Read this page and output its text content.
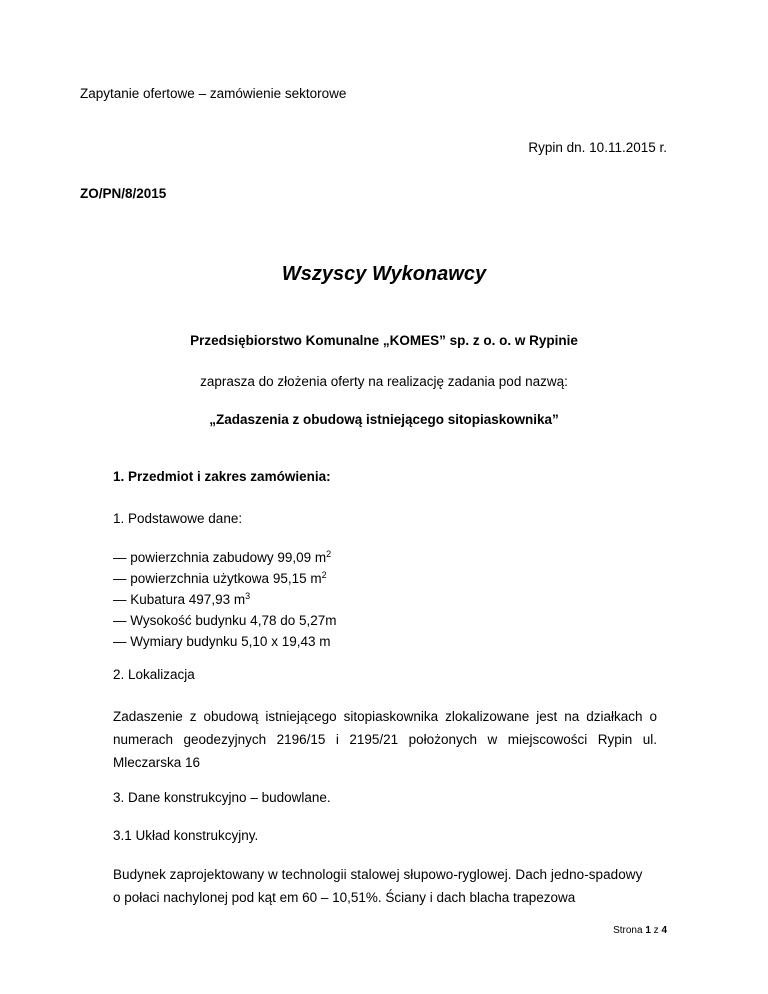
Zapytanie ofertowe – zamówienie sektorowe
Rypin dn. 10.11.2015 r.
ZO/PN/8/2015
Wszyscy Wykonawcy
Przedsiębiorstwo Komunalne „KOMES” sp. z o. o. w Rypinie
zaprasza do złożenia oferty na realizację zadania pod nazwą:
„Zadaszenia z obudową istniejącego sitopiaskownika”
1. Przedmiot i zakres zamówienia:
1. Podstawowe dane:
— powierzchnia zabudowy 99,09 $m^2$
— powierzchnia użytkowa 95,15 $m^2$
— Kubatura 497,93 $m^3$
— Wysokość budynku 4,78 do 5,27m
— Wymiary budynku 5,10 x 19,43 m
2. Lokalizacja
Zadaszenie z obudową istniejącego sitopiaskownika zlokalizowane jest na działkach o numerach geodezyjnych 2196/15 i 2195/21 położonych w miejscowości Rypin ul. Mleczarska 16
3. Dane konstrukcyjno – budowlane.
3.1 Układ konstrukcyjny.
Budynek zaprojektowany w technologii stalowej słupowo-ryglowej. Dach jedno-spadowy
o połaci nachylonej pod kąt em 60 – 10,51%. Ściany i dach blacha trapezowa
Strona 1 z 4
